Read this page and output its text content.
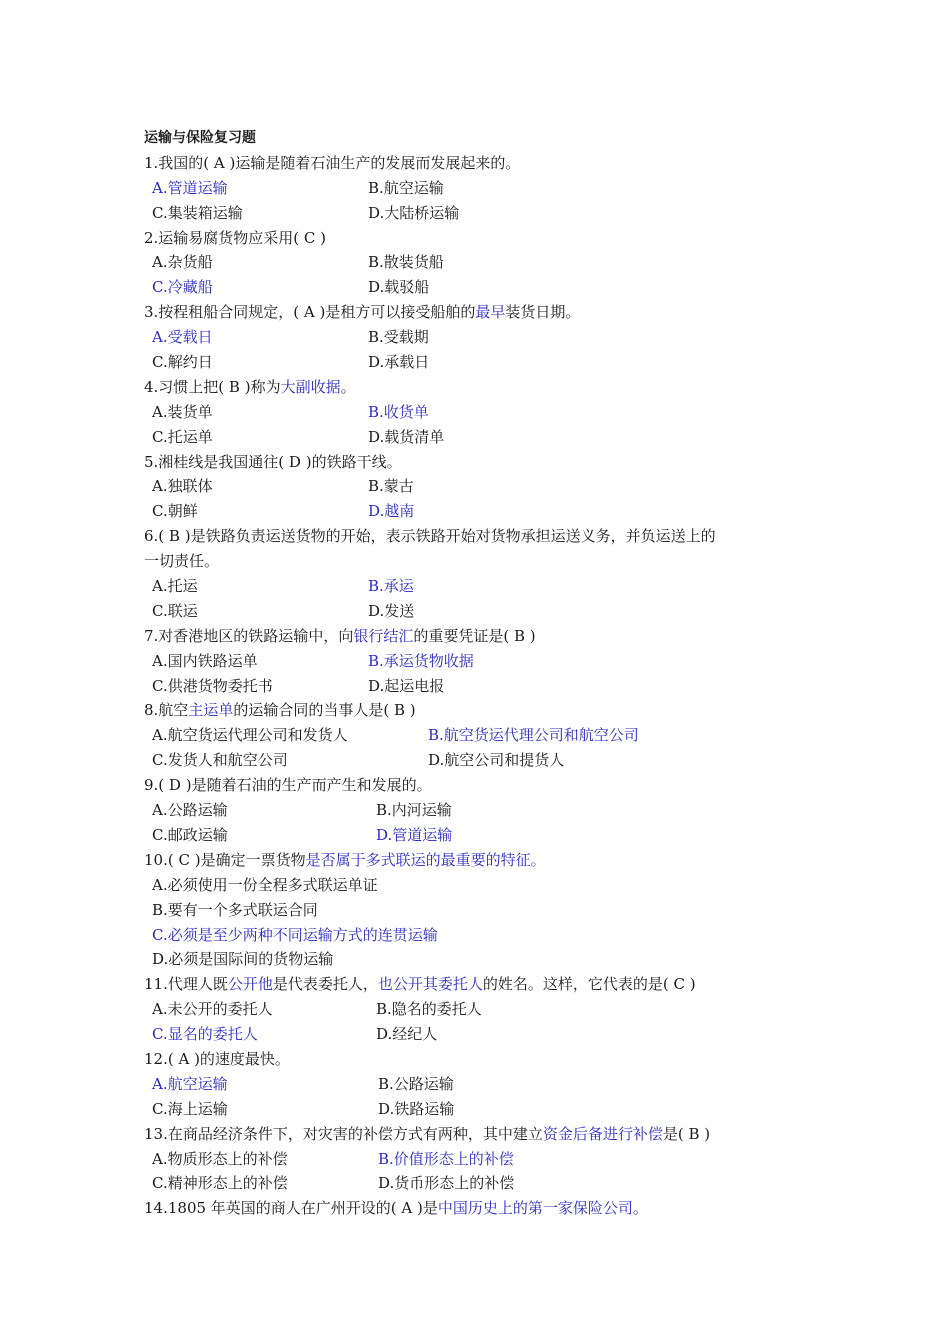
运输与保险复习题
1.我国的( A )运输是随着石油生产的发展而发展起来的。
A.管道运输	B.航空运输
C.集装箱运输	D.大陆桥运输
2.运输易腐货物应采用( C )
A.杂货船	B.散装货船
C.冷藏船	D.载驳船
3.按程租船合同规定，( A )是租方可以接受船舶的最早装货日期。
A.受载日	B.受载期
C.解约日	D.承载日
4.习惯上把( B )称为大副收据。
A.装货单	B.收货单
C.托运单	D.载货清单
5.湘桂线是我国通往( D )的铁路干线。
A.独联体	B.蒙古
C.朝鲜	D.越南
6.( B )是铁路负责运送货物的开始，表示铁路开始对货物承担运送义务，并负运送上的
一切责任。
A.托运	B.承运
C.联运	D.发送
7.对香港地区的铁路运输中，向银行结汇的重要凭证是( B )
A.国内铁路运单	B.承运货物收据
C.供港货物委托书	D.起运电报
8.航空主运单的运输合同的当事人是( B )
A.航空货运代理公司和发货人	B.航空货运代理公司和航空公司
C.发货人和航空公司	D.航空公司和提货人
9.( D )是随着石油的生产而产生和发展的。
A.公路运输	B.内河运输
C.邮政运输	D.管道运输
10.( C )是确定一票货物是否属于多式联运的最重要的特征。
A.必须使用一份全程多式联运单证
B.要有一个多式联运合同
C.必须是至少两种不同运输方式的连贯运输
D.必须是国际间的货物运输
11.代理人既公开他是代表委托人，也公开其委托人的姓名。这样，它代表的是( C )
A.未公开的委托人	B.隐名的委托人
C.显名的委托人	D.经纪人
12.( A )的速度最快。
A.航空运输	B.公路运输
C.海上运输	D.铁路运输
13.在商品经济条件下，对灾害的补偿方式有两种，其中建立资金后备进行补偿是( B )
A.物质形态上的补偿	B.价值形态上的补偿
C.精神形态上的补偿	D.货币形态上的补偿
14.1805 年英国的商人在广州开设的( A )是中国历史上的第一家保险公司。
